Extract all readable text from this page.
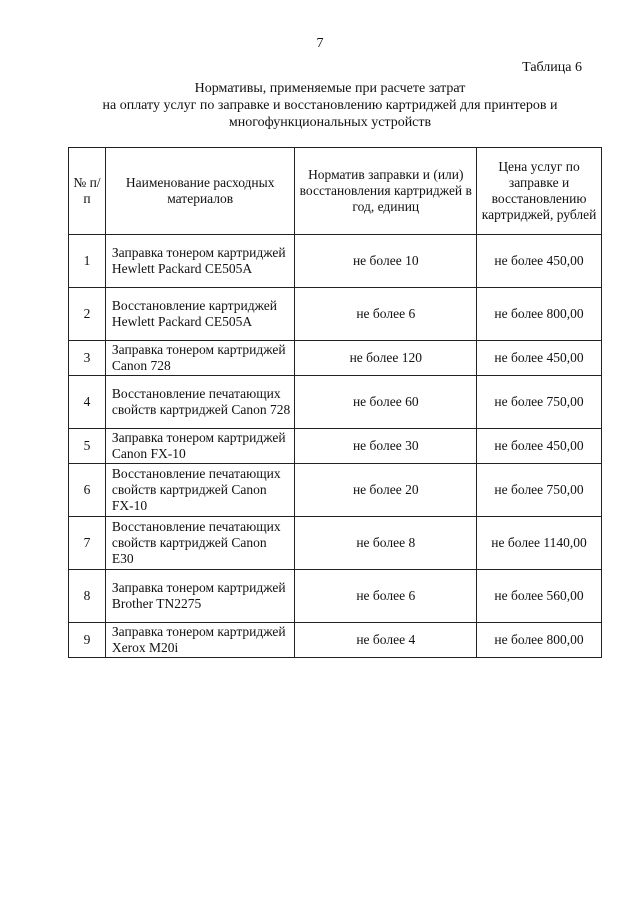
7
Таблица 6
Нормативы, применяемые при расчете затрат
на оплату услуг по заправке и восстановлению картриджей для принтеров и
многофункциональных устройств
№ п/п	Наименование расходных материалов	Норматив заправки и (или) восстановления картриджей в год, единиц	Цена услуг по заправке и восстановлению картриджей, рублей
1	Заправка тонером картриджей Hewlett Packard CE505A	не более 10	не более 450,00
2	Восстановление картриджей Hewlett Packard CE505A	не более 6	не более 800,00
3	Заправка тонером картриджей Canon 728	не более 120	не более 450,00
4	Восстановление печатающих свойств картриджей Canon 728	не более 60	не более 750,00
5	Заправка тонером картриджей Canon FX-10	не более 30	не более 450,00
6	Восстановление печатающих свойств картриджей Canon FX-10	не более 20	не более 750,00
7	Восстановление печатающих свойств картриджей Canon E30	не более 8	не более 1140,00
8	Заправка тонером картриджей Brother TN2275	не более 6	не более 560,00
9	Заправка тонером картриджей Xerox M20i	не более 4	не более 800,00
